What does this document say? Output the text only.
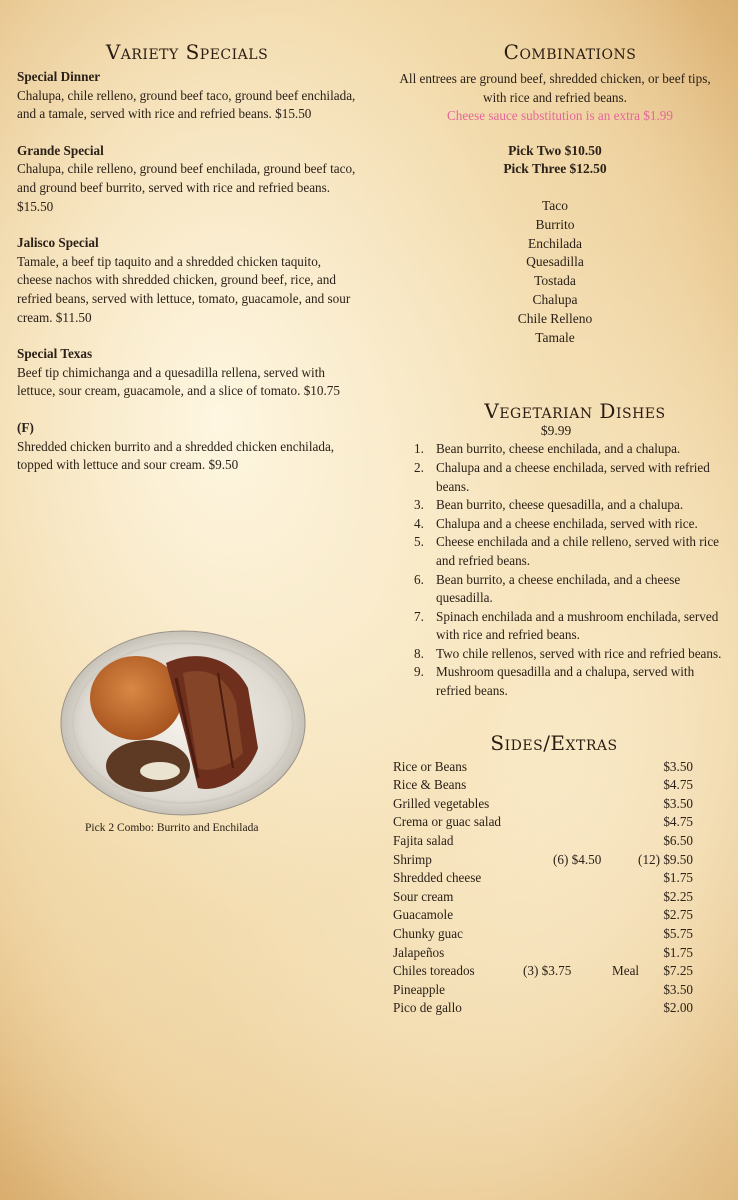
Variety Specials
Special Dinner
Chalupa, chile relleno, ground beef taco, ground beef enchilada, and a tamale, served with rice and refried beans. $15.50
Grande Special
Chalupa, chile relleno, ground beef enchilada, ground beef taco, and ground beef burrito, served with rice and refried beans. $15.50
Jalisco Special
Tamale, a beef tip taquito and a shredded chicken taquito, cheese nachos with shredded chicken, ground beef, rice, and refried beans, served with lettuce, tomato, guacamole, and sour cream. $11.50
Special Texas
Beef tip chimichanga and a quesadilla rellena, served with lettuce, sour cream, guacamole, and a slice of tomato. $10.75
(F)
Shredded chicken burrito and a shredded chicken enchilada, topped with lettuce and sour cream. $9.50
Pick 2 Combo: Burrito and Enchilada
Combinations
All entrees are ground beef, shredded chicken, or beef tips, with rice and refried beans.
Cheese sauce substitution is an extra $1.99
Pick Two $10.50
Pick Three $12.50
Taco
Burrito
Enchilada
Quesadilla
Tostada
Chalupa
Chile Relleno
Tamale
Vegetarian Dishes
$9.99
1. Bean burrito, cheese enchilada, and a chalupa.
2. Chalupa and a cheese enchilada, served with refried beans.
3. Bean burrito, cheese quesadilla, and a chalupa.
4. Chalupa and a cheese enchilada, served with rice.
5. Cheese enchilada and a chile relleno, served with rice and refried beans.
6. Bean burrito, a cheese enchilada, and a cheese quesadilla.
7. Spinach enchilada and a mushroom enchilada, served with rice and refried beans.
8. Two chile rellenos, served with rice and refried beans.
9. Mushroom quesadilla and a chalupa, served with refried beans.
Sides/Extras
Rice or Beans	$3.50
Rice & Beans	$4.75
Grilled vegetables	$3.50
Crema or guac salad	$4.75
Fajita salad	$6.50
Shrimp	(6) $4.50	(12) $9.50
Shredded cheese	$1.75
Sour cream	$2.25
Guacamole	$2.75
Chunky guac	$5.75
Jalapeños	$1.75
Chiles toreados	(3) $3.75	Meal $7.25
Pineapple	$3.50
Pico de gallo	$2.00
